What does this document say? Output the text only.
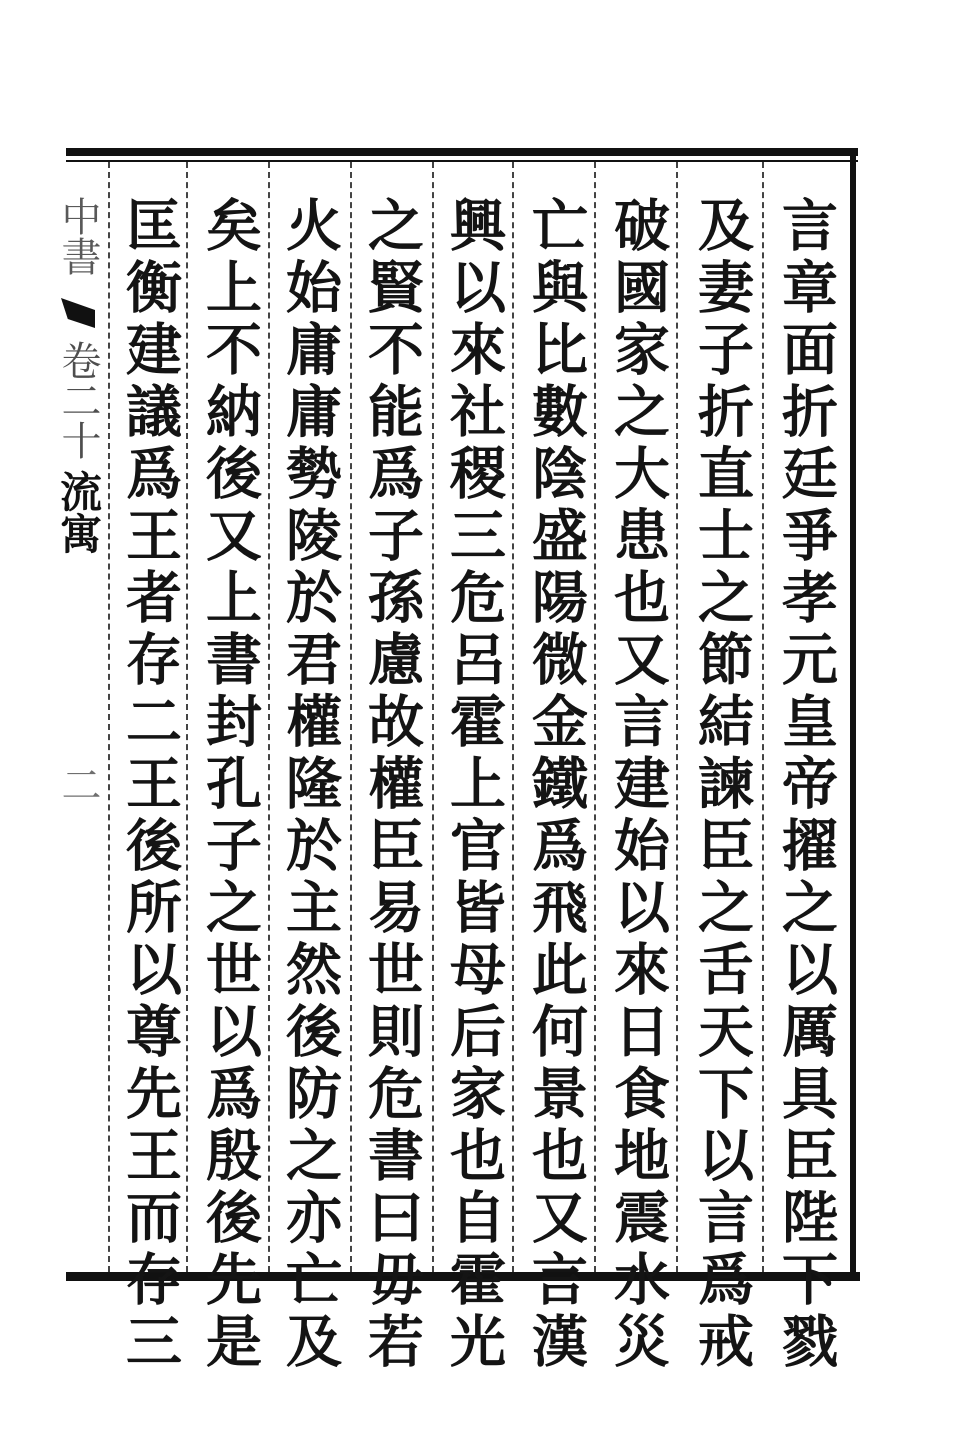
中書
卷二十
流寓
二	言章面折廷爭孝元皇帝擢之以厲具臣陛下戮
及妻子折直士之節結諫臣之舌天下以言爲戒
破國家之大患也又言建始以來日食地震水災
亡與比數陰盛陽微金鐵爲飛此何景也又言漢
興以來社稷三危呂霍上官皆母后家也自霍光
之賢不能爲子孫慮故權臣易世則危書曰毋若
火始庸庸勢陵於君權隆於主然後防之亦亡及
矣上不納後又上書封孔子之世以爲殷後先是
匡衡建議爲王者存二王後所以尊先王而存三
